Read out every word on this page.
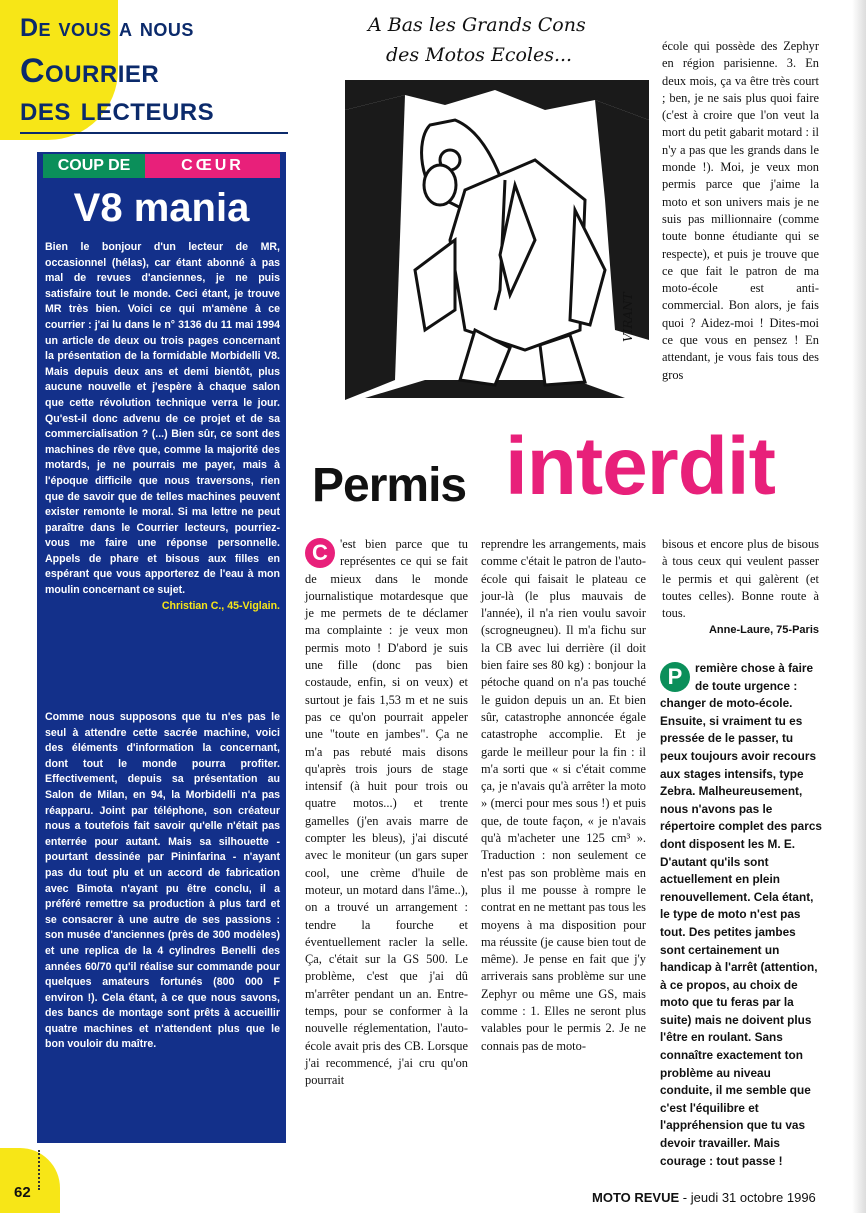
De vous a nous
Courrier
des lecteurs
COUP DE	CŒUR
V8 mania

Bien le bonjour d'un lecteur de MR, occasionnel (hélas), car étant abonné à pas mal de revues d'anciennes, je ne puis satisfaire tout le monde. Ceci étant, je trouve MR très bien. Voici ce qui m'amène à ce courrier : j'ai lu dans le n° 3136 du 11 mai 1994 un article de deux ou trois pages concernant la présentation de la formidable Morbidelli V8. Mais depuis deux ans et demi bientôt, plus aucune nouvelle et j'espère à chaque salon que cette révolution technique verra le jour. Qu'est-il donc advenu de ce projet et de sa commercialisation ? (...) Bien sûr, ce sont des machines de rêve que, comme la majorité des motards, je ne pourrais me payer, mais à l'époque difficile que nous traversons, rien que de savoir que de telles machines peuvent exister remonte le moral. Si ma lettre ne peut paraître dans le Courrier lecteurs, pourriez-vous me faire une réponse personnelle. Appels de phare et bisous aux filles en espérant que vous apporterez de l'eau à mon moulin concernant ce sujet.
Christian C., 45-Viglain.

Comme nous supposons que tu n'es pas le seul à attendre cette sacrée machine, voici des éléments d'information la concernant, dont tout le monde pourra profiter. Effectivement, depuis sa présentation au Salon de Milan, en 94, la Morbidelli n'a pas réapparu. Joint par téléphone, son créateur nous a toutefois fait savoir qu'elle n'était pas enterrée pour autant. Mais sa silhouette - pourtant dessinée par Pininfarina - n'ayant pas du tout plu et un accord de fabrication avec Bimota n'ayant pu être conclu, il a préféré remettre sa production à plus tard et se consacrer à une autre de ses passions : son musée d'anciennes (près de 300 modèles) et une replica de la 4 cylindres Benelli des années 60/70 qu'il réalise sur commande pour quelques amateurs fortunés (800 000 F environ !). Cela étant, à ce que nous savons, des bancs de montage sont prêts à accueillir quatre machines et n'attendent plus que le bon vouloir du maître.

A Bas les Grands Cons
des Motos Ecoles...
VIRANT
interdit
Permis

école qui possède des Zephyr en région parisienne. 3. En deux mois, ça va être très court ; ben, je ne sais plus quoi faire (c'est à croire que l'on veut la mort du petit gabarit motard : il n'y a pas que les grands dans le monde !). Moi, je veux mon permis parce que j'aime la moto et son univers mais je ne suis pas millionnaire (comme toute bonne étudiante qui se respecte), et puis je trouve que ce que fait le patron de ma moto-école est anti-commercial. Bon alors, je fais quoi ? Aidez-moi ! Dites-moi ce que vous en pensez ! En attendant, je vous fais tous des gros

C 'est bien parce que tu représentes ce qui se fait de mieux dans le monde journalistique motardesque que je me permets de te déclamer ma complainte : je veux mon permis moto ! D'abord je suis une fille (donc pas bien costaude, enfin, si on veux) et surtout je fais 1,53 m et ne suis pas ce qu'on pourrait appeler une "toute en jambes". Ça ne m'a pas rebuté mais disons qu'après trois jours de stage intensif (à huit pour trois ou quatre motos...) et trente gamelles (j'en avais marre de compter les bleus), j'ai discuté avec le moniteur (un gars super cool, une crème d'huile de moteur, un motard dans l'âme..), on a trouvé un arrangement : tendre la fourche et éventuellement racler la selle. Ça, c'était sur la GS 500. Le problème, c'est que j'ai dû m'arrêter pendant un an. Entre-temps, pour se conformer à la nouvelle réglementation, l'auto-école avait pris des CB. Lorsque j'ai recommencé, j'ai cru qu'on pourrait

reprendre les arrangements, mais comme c'était le patron de l'auto-école qui faisait le plateau ce jour-là (le plus mauvais de l'année), il n'a rien voulu savoir (scrogneugneu). Il m'a fichu sur la CB avec lui derrière (il doit bien faire ses 80 kg) : bonjour la pétoche quand on n'a pas touché le guidon depuis un an. Et bien sûr, catastrophe annoncée égale catastrophe accomplie. Et je garde le meilleur pour la fin : il m'a sorti que « si c'était comme ça, je n'avais qu'à arrêter la moto » (merci pour mes sous !) et puis que, de toute façon, « je n'avais qu'à m'acheter une 125 cm³ ». Traduction : non seulement ce n'est pas son problème mais en plus il me pousse à rompre le contrat en ne mettant pas tous les moyens à ma disposition pour ma réussite (je cause bien tout de même). Je pense en fait que j'y arriverais sans problème sur une Zephyr ou même une GS, mais comme : 1. Elles ne seront plus valables pour le permis 2. Je ne connais pas de moto-

bisous et encore plus de bisous à tous ceux qui veulent passer le permis et qui galèrent (et toutes celles). Bonne route à tous.
Anne-Laure, 75-Paris

P	remière chose à faire de toute urgence : changer de moto-école. Ensuite, si vraiment tu es pressée de le passer, tu peux toujours avoir recours aux stages intensifs, type Zebra. Malheureusement, nous n'avons pas le répertoire complet des parcs dont disposent les M. E. D'autant qu'ils sont actuellement en plein renouvellement. Cela étant, le type de moto n'est pas tout. Des petites jambes sont certainement un handicap à l'arrêt (attention, à ce propos, au choix de moto que tu feras par la suite) mais ne doivent plus l'être en roulant. Sans connaître exactement ton problème au niveau conduite, il me semble que c'est l'équilibre et l'appréhension que tu vas devoir travailler. Mais courage : tout passe !

62	MOTO REVUE - jeudi 31 octobre 1996
